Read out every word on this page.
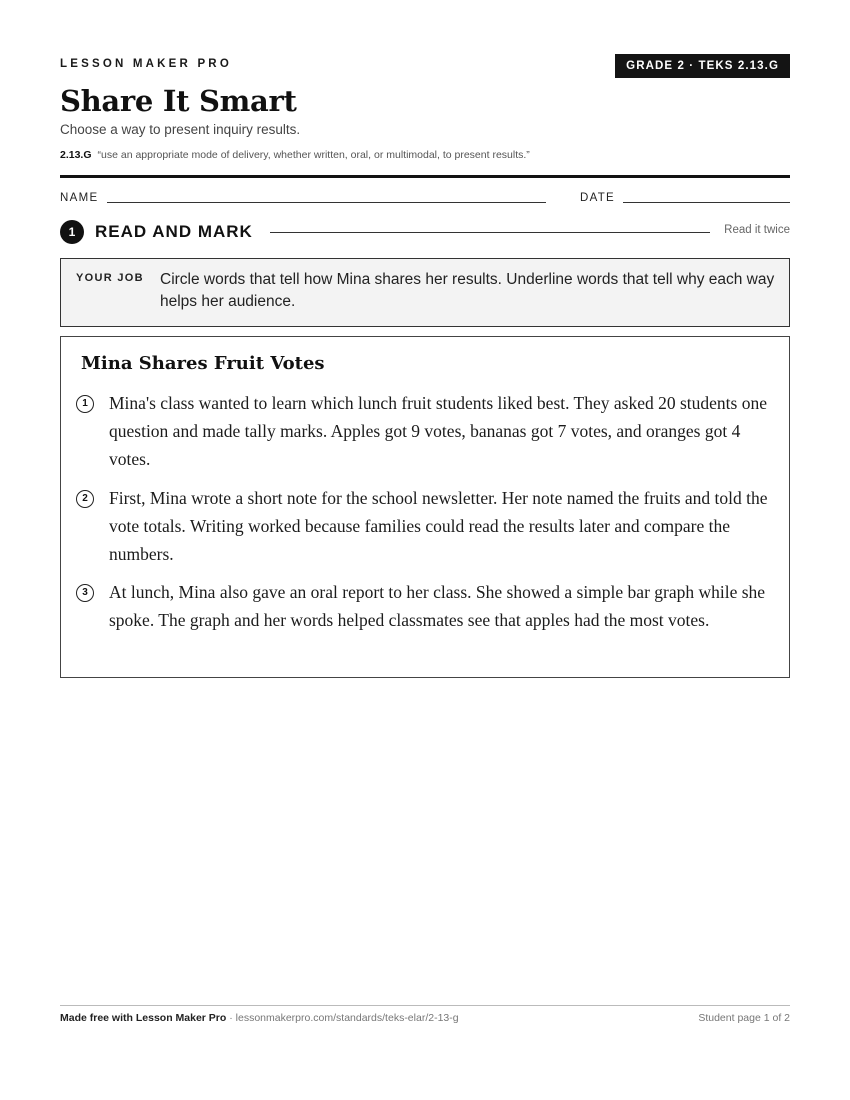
LESSON MAKER PRO	GRADE 2 · TEKS 2.13.G
Share It Smart
Choose a way to present inquiry results.
2.13.G “use an appropriate mode of delivery, whether written, oral, or multimodal, to present results.”
NAME	DATE
1	READ AND MARK	Read it twice
YOUR JOB Circle words that tell how Mina shares her results. Underline words that tell why each way helps her audience.
Mina Shares Fruit Votes
1	Mina's class wanted to learn which lunch fruit students liked best. They asked 20 students one question and made tally marks. Apples got 9 votes, bananas got 7 votes, and oranges got 4 votes.
2	First, Mina wrote a short note for the school newsletter. Her note named the fruits and told the vote totals. Writing worked because families could read the results later and compare the numbers.
3	At lunch, Mina also gave an oral report to her class. She showed a simple bar graph while she spoke. The graph and her words helped classmates see that apples had the most votes.
Made free with Lesson Maker Pro · lessonmakerpro.com/standards/teks-elar/2-13-g	Student page 1 of 2
